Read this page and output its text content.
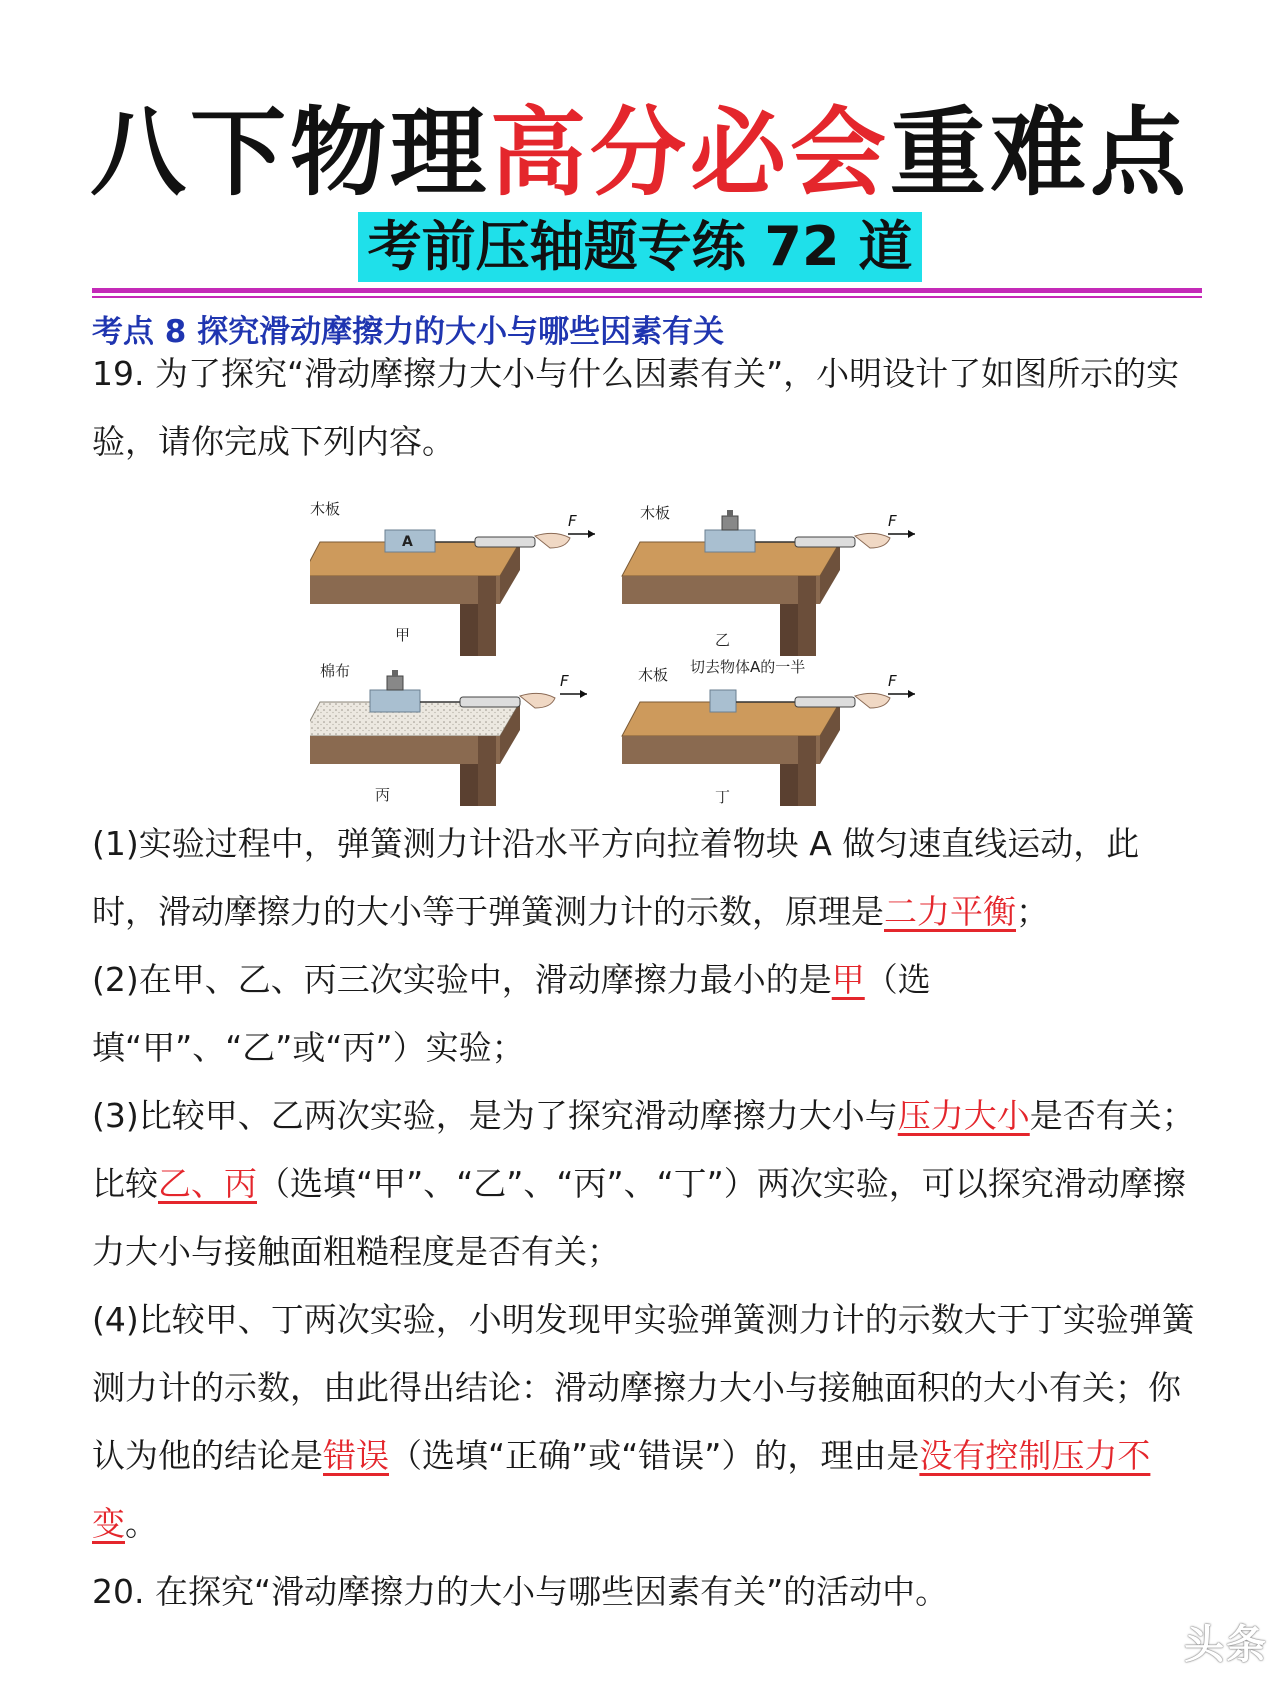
八下物理高分必会重难点
考前压轴题专练 72 道
考点 8 探究滑动摩擦力的大小与哪些因素有关
19. 为了探究“滑动摩擦力大小与什么因素有关”，小明设计了如图所示的实验，请你完成下列内容。
A
F
木板
甲
F
木板
乙
F
棉布
丙
F
木板 切去物体A的一半
丁
(1)实验过程中，弹簧测力计沿水平方向拉着物块 A 做匀速直线运动，此时，滑动摩擦力的大小等于弹簧测力计的示数，原理是二力平衡；
(2)在甲、乙、丙三次实验中，滑动摩擦力最小的是甲（选填“甲”、“乙”或“丙”）实验；
(3)比较甲、乙两次实验，是为了探究滑动摩擦力大小与压力大小是否有关；比较乙、丙（选填“甲”、“乙”、“丙”、“丁”）两次实验，可以探究滑动摩擦力大小与接触面粗糙程度是否有关；
(4)比较甲、丁两次实验，小明发现甲实验弹簧测力计的示数大于丁实验弹簧测力计的示数，由此得出结论：滑动摩擦力大小与接触面积的大小有关；你认为他的结论是错误（选填“正确”或“错误”）的，理由是没有控制压力不变。
20. 在探究“滑动摩擦力的大小与哪些因素有关”的活动中。
头条
